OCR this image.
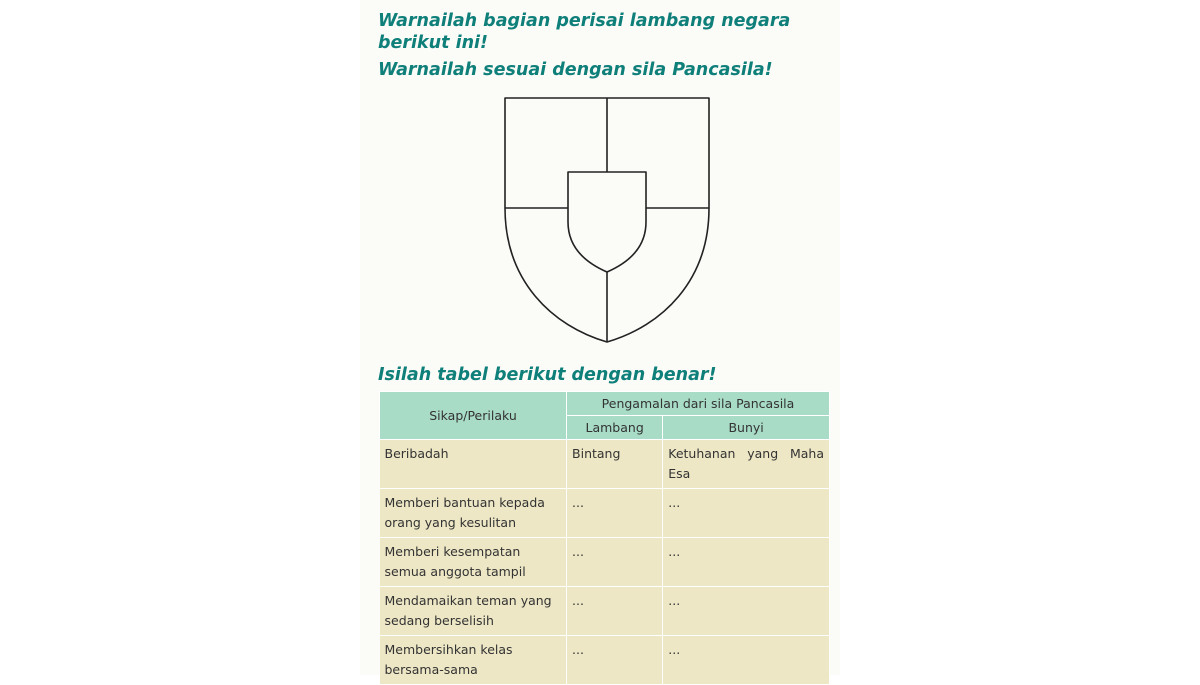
Warnailah bagian perisai lambang negara berikut ini!

Warnailah sesuai dengan sila Pancasila!

Isilah tabel berikut dengan benar!

Sikap/Perilaku	Pengamalan dari sila Pancasila	
	Lambang	Bunyi
Beribadah	Bintang	Ketuhanan yang Maha Esa
Memberi bantuan kepada orang yang kesulitan	...	...
Memberi kesempatan semua anggota tampil	...	...
Mendamaikan teman yang sedang berselisih	...	...
Membersihkan kelas bersama-sama	...	...
